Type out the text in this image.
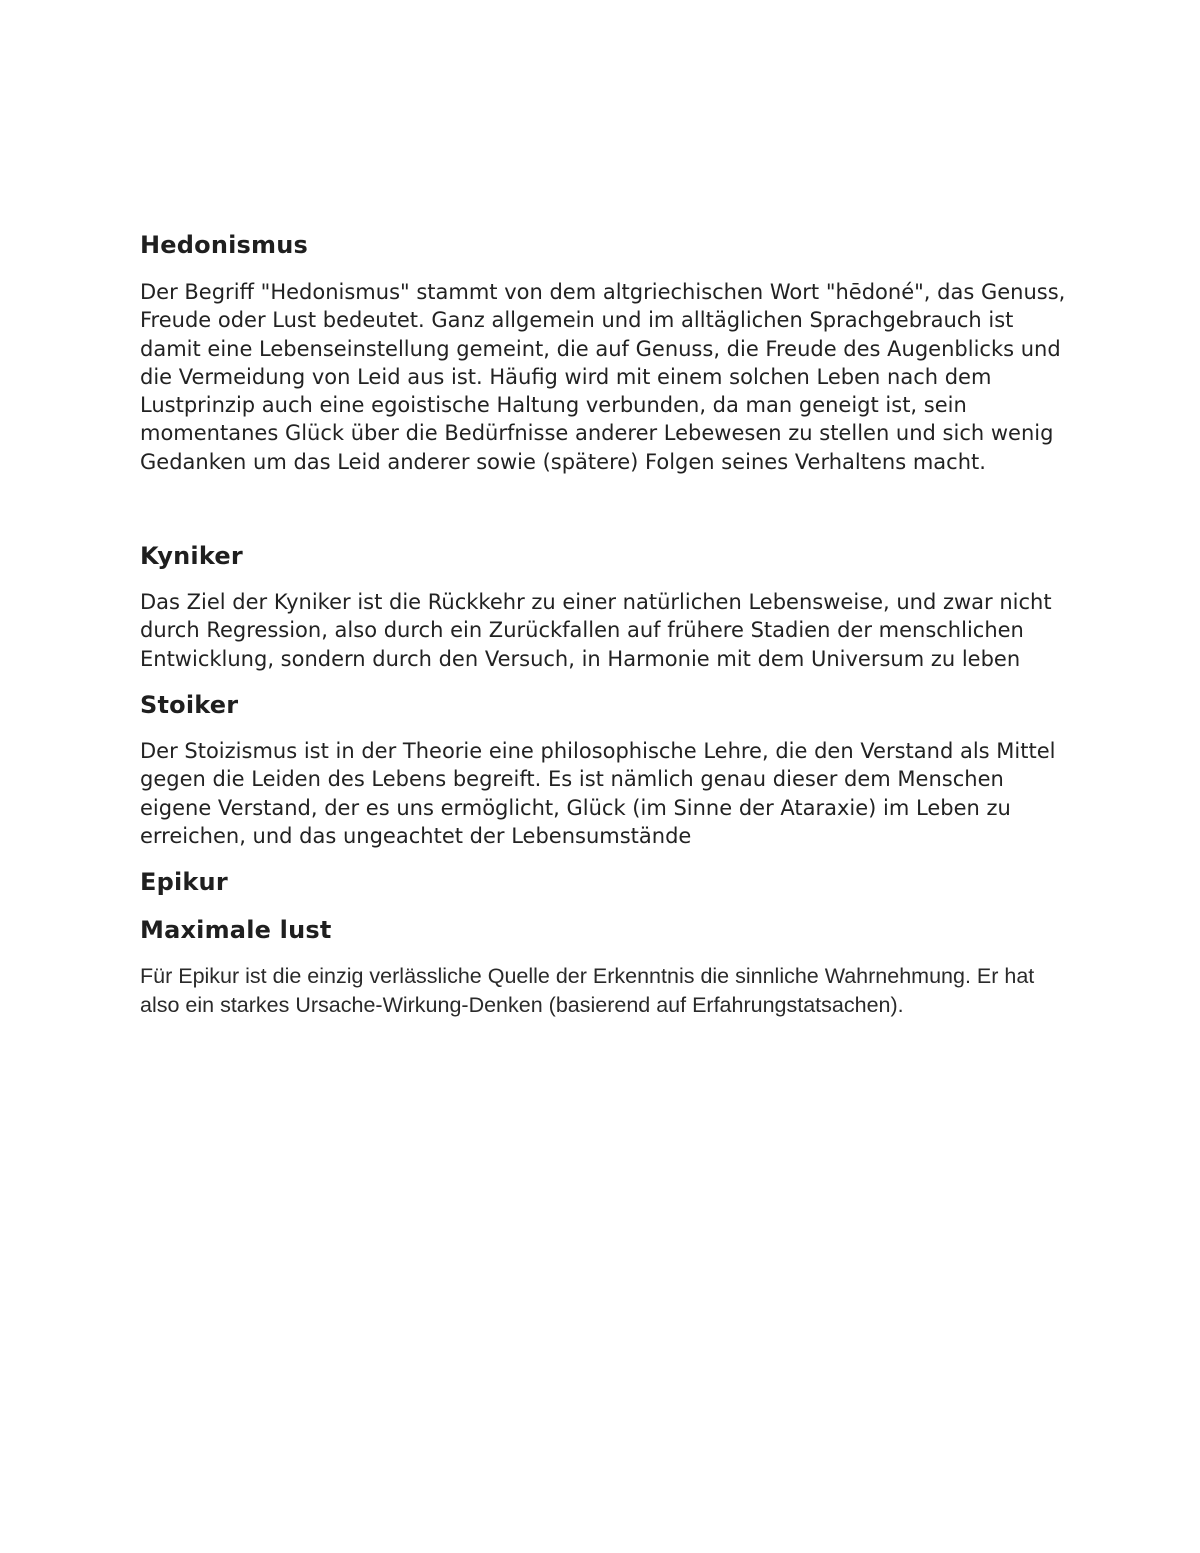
Hedonismus

Der Begriff "Hedonismus" stammt von dem altgriechischen Wort "hēdoné", das Genuss, Freude oder Lust bedeutet. Ganz allgemein und im alltäglichen Sprachgebrauch ist damit eine Lebenseinstellung gemeint, die auf Genuss, die Freude des Augenblicks und die Vermeidung von Leid aus ist. Häufig wird mit einem solchen Leben nach dem Lustprinzip auch eine egoistische Haltung verbunden, da man geneigt ist, sein momentanes Glück über die Bedürfnisse anderer Lebewesen zu stellen und sich wenig Gedanken um das Leid anderer sowie (spätere) Folgen seines Verhaltens macht.

Kyniker

Das Ziel der Kyniker ist die Rückkehr zu einer natürlichen Lebensweise, und zwar nicht durch Regression, also durch ein Zurückfallen auf frühere Stadien der menschlichen Entwicklung, sondern durch den Versuch, in Harmonie mit dem Universum zu leben

Stoiker

Der Stoizismus ist in der Theorie eine philosophische Lehre, die den Verstand als Mittel gegen die Leiden des Lebens begreift. Es ist nämlich genau dieser dem Menschen eigene Verstand, der es uns ermöglicht, Glück (im Sinne der Ataraxie) im Leben zu erreichen, und das ungeachtet der Lebensumstände

Epikur
Maximale lust

Für Epikur ist die einzig verlässliche Quelle der Erkenntnis die sinnliche Wahrnehmung. Er hat also ein starkes Ursache-Wirkung-Denken (basierend auf Erfahrungstatsachen).
